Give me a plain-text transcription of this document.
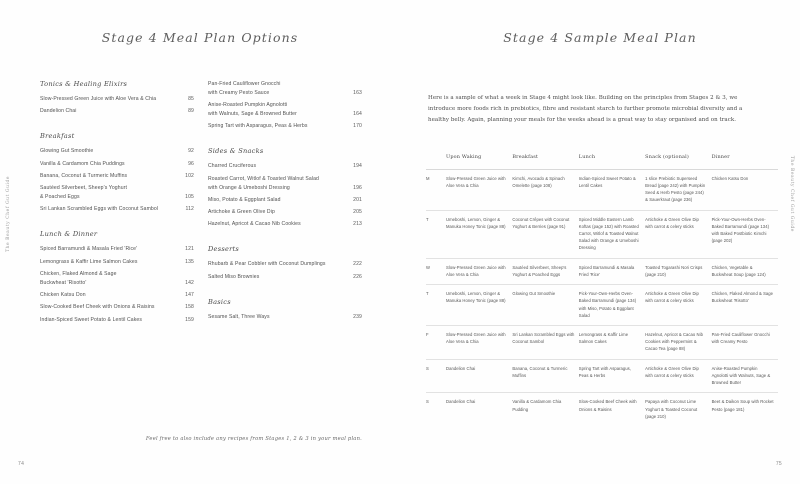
Stage 4 Meal Plan Options
Tonics & Healing Elixirs
Slow-Pressed Green Juice with Aloe Vera & Chia	85
Dandelion Chai	89
Breakfast
Glowing Gut Smoothie	92
Vanilla & Cardamom Chia Puddings	96
Banana, Coconut & Turmeric Muffins	102
Sautéed Silverbeet, Sheep's Yoghurt
& Poached Eggs	105
Sri Lankan Scrambled Eggs with Coconut Sambol	112
Lunch & Dinner
Spiced Barramundi & Masala Fried 'Rice'	121
Lemongrass & Kaffir Lime Salmon Cakes	135
Chicken, Flaked Almond & Sage
Buckwheat 'Risotto'	142
Chicken Katsu Don	147
Slow-Cooked Beef Cheek with Onions & Raisins	158
Indian-Spiced Sweet Potato & Lentil Cakes	159
Pan-Fried Cauliflower Gnocchi
with Creamy Pesto Sauce	163
Anise-Roasted Pumpkin Agnolotti
with Walnuts, Sage & Browned Butter	164
Spring Tart with Asparagus, Peas & Herbs	170
Sides & Snacks
Charred Cruciferous	194
Roasted Carrot, Witlof & Toasted Walnut Salad
with Orange & Umeboshi Dressing	196
Miso, Potato & Eggplant Salad	201
Artichoke & Green Olive Dip	205
Hazelnut, Apricot & Cacao Nib Cookies	213
Desserts
Rhubarb & Pear Cobbler with Coconut Dumplings	222
Salted Miso Brownies	226
Basics
Sesame Salt, Three Ways	239
Feel free to also include any recipes from Stages 1, 2 & 3 in your meal plan.
74
The Beauty Chef Gut Guide
Stage 4 Sample Meal Plan

Here is a sample of what a week in Stage 4 might look like. Building on the principles from Stages 2 & 3, we introduce more foods rich in prebiotics, fibre and resistant starch to further promote microbial diversity and a healthy belly. Again, planning your meals for the weeks ahead is a great way to stay organised and on track.

	Upon Waking	Breakfast	Lunch	Snack (optional)	Dinner
M	Slow-Pressed Green Juice with Aloe Vera & Chia	Kimchi, Avocado & Spinach Omelette (page 108)	Indian-Spiced Sweet Potato & Lentil Cakes	1 slice Prebiotic Superseed Bread (page 242) with Pumpkin Seed & Herb Pesto (page 244) & Sauerkraut (page 236)	Chicken Katsu Don
T	Umeboshi, Lemon, Ginger & Manuka Honey Tonic (page 88)	Coconut Crêpes with Coconut Yoghurt & Berries (page 91)	Spiced Middle Eastern Lamb Koftas (page 152) with Roasted Carrot, Witlof & Toasted Walnut Salad with Orange & Umeboshi Dressing	Artichoke & Green Olive Dip with carrot & celery sticks	Pick-Your-Own-Herbs Oven-Baked Barramundi (page 134) with Baked Postbiotic Kimchi (page 202)
W	Slow-Pressed Green Juice with Aloe Vera & Chia	Sautéed Silverbeet, Sheep's Yoghurt & Poached Eggs	Spiced Barramundi & Masala Fried 'Rice'	Toasted Togarashi Nori Crisps (page 210)	Chicken, Vegetable & Buckwheat Soup (page 124)
T	Umeboshi, Lemon, Ginger & Manuka Honey Tonic (page 88)	Glowing Gut Smoothie	Pick-Your-Own-Herbs Oven-Baked Barramundi (page 134) with Miso, Potato & Eggplant Salad	Artichoke & Green Olive Dip with carrot & celery sticks	Chicken, Flaked Almond & Sage Buckwheat 'Risotto'
F	Slow-Pressed Green Juice with Aloe Vera & Chia	Sri Lankan Scrambled Eggs with Coconut Sambol	Lemongrass & Kaffir Lime Salmon Cakes	Hazelnut, Apricot & Cacao Nib Cookies with Peppermint & Cacao Tea (page 88)	Pan-Fried Cauliflower Gnocchi with Creamy Pesto
S	Dandelion Chai	Banana, Coconut & Turmeric Muffins	Spring Tart with Asparagus, Peas & Herbs	Artichoke & Green Olive Dip with carrot & celery sticks	Anise-Roasted Pumpkin Agnolotti with Walnuts, Sage & Browned Butter
S	Dandelion Chai	Vanilla & Cardamom Chia Pudding	Slow-Cooked Beef Cheek with Onions & Raisins	Papaya with Coconut Lime Yoghurt & Toasted Coconut (page 210)	Beet & Daikon Soup with Rocket Pesto (page 181)
75
The Beauty Chef Gut Guide
